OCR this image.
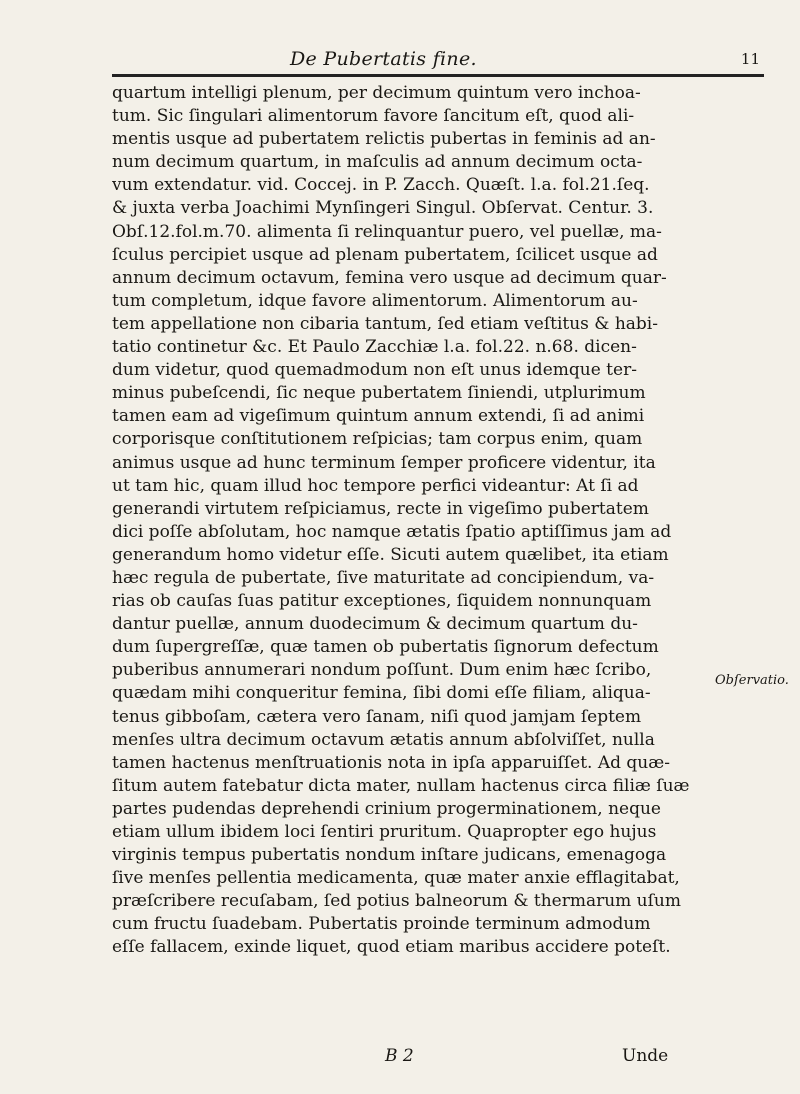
De Pubertatis fine.	11
quartum intelligi plenum, per decimum quintum vero inchoa-
tum. Sic ſingulari alimentorum favore ſancitum eſt, quod ali-
mentis usque ad pubertatem relictis pubertas in feminis ad an-
num decimum quartum, in maſculis ad annum decimum octa-
vum extendatur. vid. Coccej. in P. Zacch. Quæſt. l.a. fol.21.ſeq.
& juxta verba Joachimi Mynſingeri Singul. Obſervat. Centur. 3.
Obſ.12.fol.m.70. alimenta ſi relinquantur puero, vel puellæ, ma-
ſculus percipiet usque ad plenam pubertatem, ſcilicet usque ad
annum decimum octavum, femina vero usque ad decimum quar-
tum completum, idque favore alimentorum. Alimentorum au-
tem appellatione non cibaria tantum, ſed etiam veſtitus & habi-
tatio continetur &c. Et Paulo Zacchiæ l.a. fol.22. n.68. dicen-
dum videtur, quod quemadmodum non eſt unus idemque ter-
minus pubeſcendi, ſic neque pubertatem ſiniendi, utplurimum
tamen eam ad vigeſimum quintum annum extendi, ſi ad animi
corporisque conſtitutionem reſpicias; tam corpus enim, quam
animus usque ad hunc terminum ſemper proficere videntur, ita
ut tam hic, quam illud hoc tempore perfici videantur: At ſi ad
generandi virtutem reſpiciamus, recte in vigeſimo pubertatem
dici poſſe abſolutam, hoc namque ætatis ſpatio aptiſſimus jam ad
generandum homo videtur eſſe. Sicuti autem quælibet, ita etiam
hæc regula de pubertate, ſive maturitate ad concipiendum, va-
rias ob cauſas ſuas patitur exceptiones, ſiquidem nonnunquam
dantur puellæ, annum duodecimum & decimum quartum du-
dum ſupergreſſæ, quæ tamen ob pubertatis ſignorum defectum
puberibus annumerari nondum poſſunt. Dum enim hæc ſcribo,
quædam mihi conqueritur femina, ſibi domi eſſe filiam, aliqua-
tenus gibboſam, cætera vero ſanam, niſi quod jamjam ſeptem
menſes ultra decimum octavum ætatis annum abſolviſſet, nulla
tamen hactenus menſtruationis nota in ipſa apparuiſſet. Ad quæ-
ſitum autem fatebatur dicta mater, nullam hactenus circa filiæ ſuæ
partes pudendas deprehendi crinium progerminationem, neque
etiam ullum ibidem loci ſentiri pruritum. Quapropter ego hujus
virginis tempus pubertatis nondum inſtare judicans, emenagoga
ſive menſes pellentia medicamenta, quæ mater anxie efflagitabat,
præſcribere recuſabam, ſed potius balneorum & thermarum uſum
cum fructu ſuadebam. Pubertatis proinde terminum admodum
eſſe fallacem, exinde liquet, quod etiam maribus accidere poteſt.
Obſervatio.
B 2	Unde
